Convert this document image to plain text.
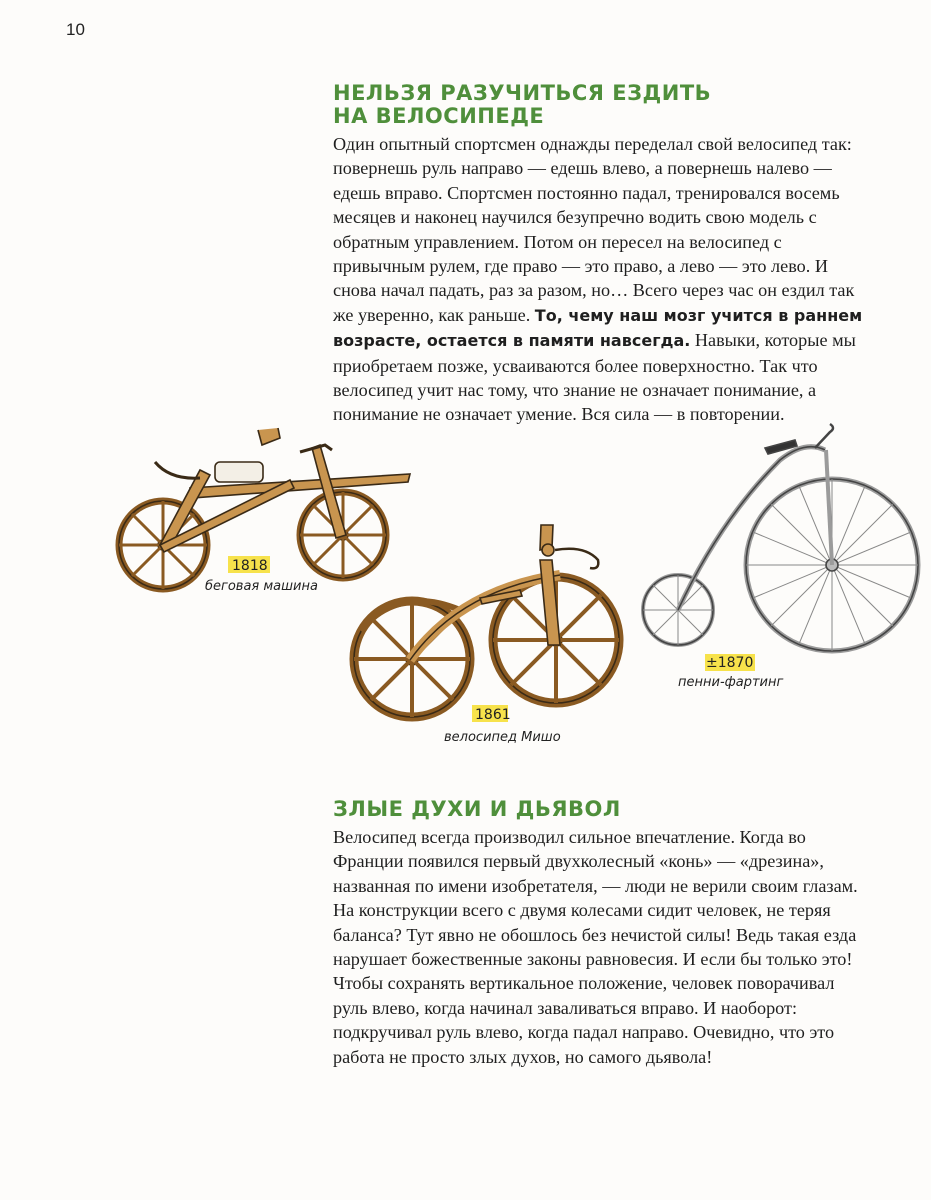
10
НЕЛЬЗЯ РАЗУЧИТЬСЯ ЕЗДИТЬ
НА ВЕЛОСИПЕДЕ

Один опытный спортсмен однажды переделал свой велосипед так: повернешь руль направо — едешь влево, а повернешь налево — едешь вправо. Спортсмен постоянно падал, тренировался восемь месяцев и наконец научился безупречно водить свою модель с обратным управлением. Потом он пересел на велосипед с привычным рулем, где право — это право, а лево — это лево. И снова начал падать, раз за разом, но… Всего через час он ездил так же уверенно, как раньше. То, чему наш мозг учится в раннем возрасте, остается в памяти навсегда. Навыки, которые мы приобретаем позже, усваиваются более поверхностно. Так что велосипед учит нас тому, что знание не означает понимание, а понимание не означает умение. Вся сила — в повторении.

1818
беговая машина
1861
велосипед Мишо
±1870
пенни-фартинг
ЗЛЫЕ ДУХИ И ДЬЯВОЛ

Велосипед всегда производил сильное впечатление. Когда во Франции появился первый двухколесный «конь» — «дрезина», названная по имени изобретателя, — люди не верили своим глазам. На конструкции всего с двумя колесами сидит человек, не теряя баланса? Тут явно не обошлось без нечистой силы! Ведь такая езда нарушает божественные законы равновесия. И если бы только это! Чтобы сохранять вертикальное положение, человек поворачивал руль влево, когда начинал заваливаться вправо. И наоборот: подкручивал руль влево, когда падал направо. Очевидно, что это работа не просто злых духов, но самого дьявола!
